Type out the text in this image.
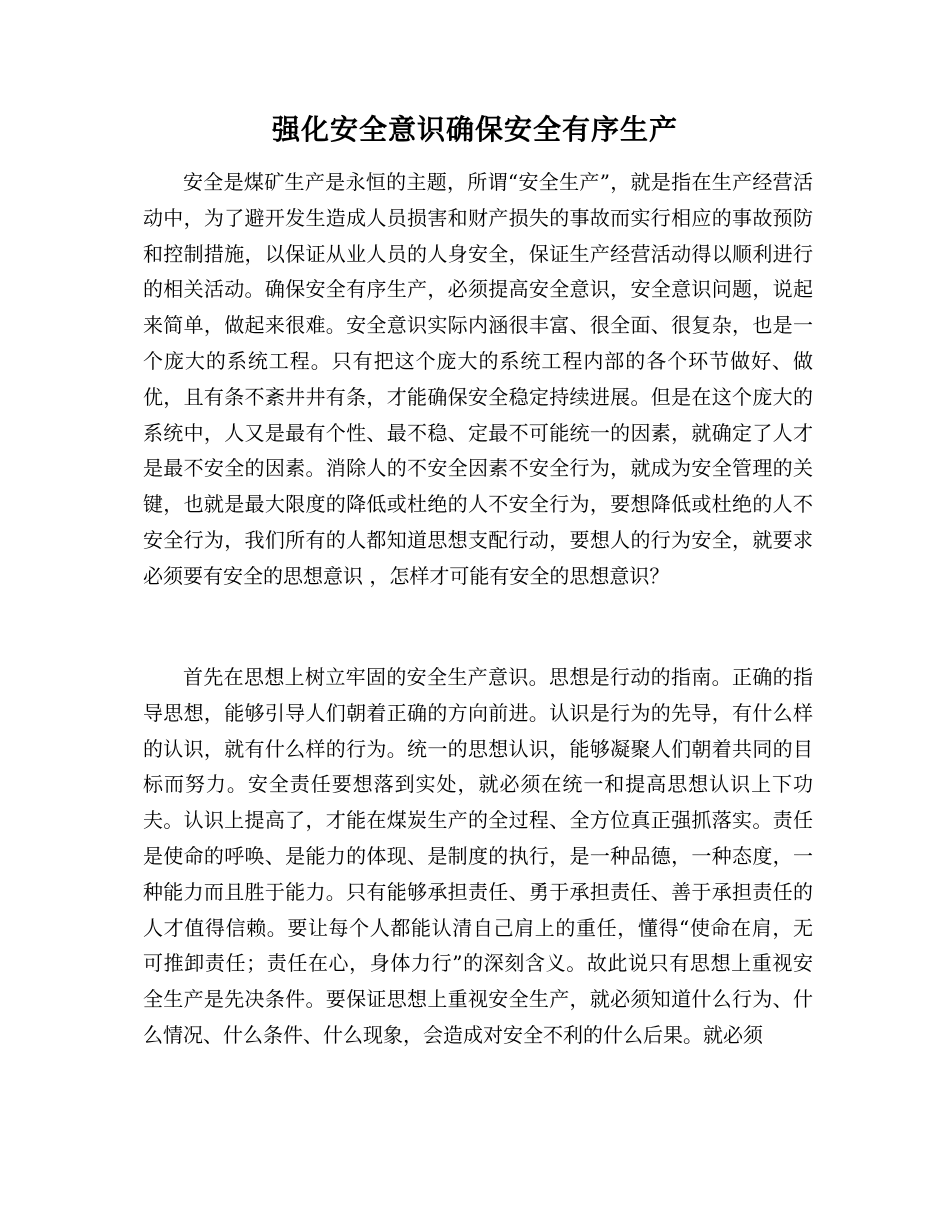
强化安全意识确保安全有序生产

安全是煤矿生产是永恒的主题，所谓“安全生产”，就是指在生产经营活动中，为了避开发生造成人员损害和财产损失的事故而实行相应的事故预防和控制措施，以保证从业人员的人身安全，保证生产经营活动得以顺利进行的相关活动。确保安全有序生产，必须提高安全意识，安全意识问题，说起来简单，做起来很难。安全意识实际内涵很丰富、很全面、很复杂，也是一个庞大的系统工程。只有把这个庞大的系统工程内部的各个环节做好、做优，且有条不紊井井有条，才能确保安全稳定持续进展。但是在这个庞大的系统中，人又是最有个性、最不稳、定最不可能统一的因素，就确定了人才是最不安全的因素。消除人的不安全因素不安全行为，就成为安全管理的关键，也就是最大限度的降低或杜绝的人不安全行为，要想降低或杜绝的人不安全行为，我们所有的人都知道思想支配行动，要想人的行为安全，就要求必须要有安全的思想意识 ，怎样才可能有安全的思想意识？

首先在思想上树立牢固的安全生产意识。思想是行动的指南。正确的指导思想，能够引导人们朝着正确的方向前进。认识是行为的先导，有什么样的认识，就有什么样的行为。统一的思想认识，能够凝聚人们朝着共同的目标而努力。安全责任要想落到实处，就必须在统一和提高思想认识上下功夫。认识上提高了，才能在煤炭生产的全过程、全方位真正强抓落实。责任是使命的呼唤、是能力的体现、是制度的执行，是一种品德，一种态度，一种能力而且胜于能力。只有能够承担责任、勇于承担责任、善于承担责任的人才值得信赖。要让每个人都能认清自己肩上的重任，懂得“使命在肩，无可推卸责任；责任在心，身体力行”的深刻含义。故此说只有思想上重视安全生产是先决条件。要保证思想上重视安全生产，就必须知道什么行为、什么情况、什么条件、什么现象，会造成对安全不利的什么后果。就必须
